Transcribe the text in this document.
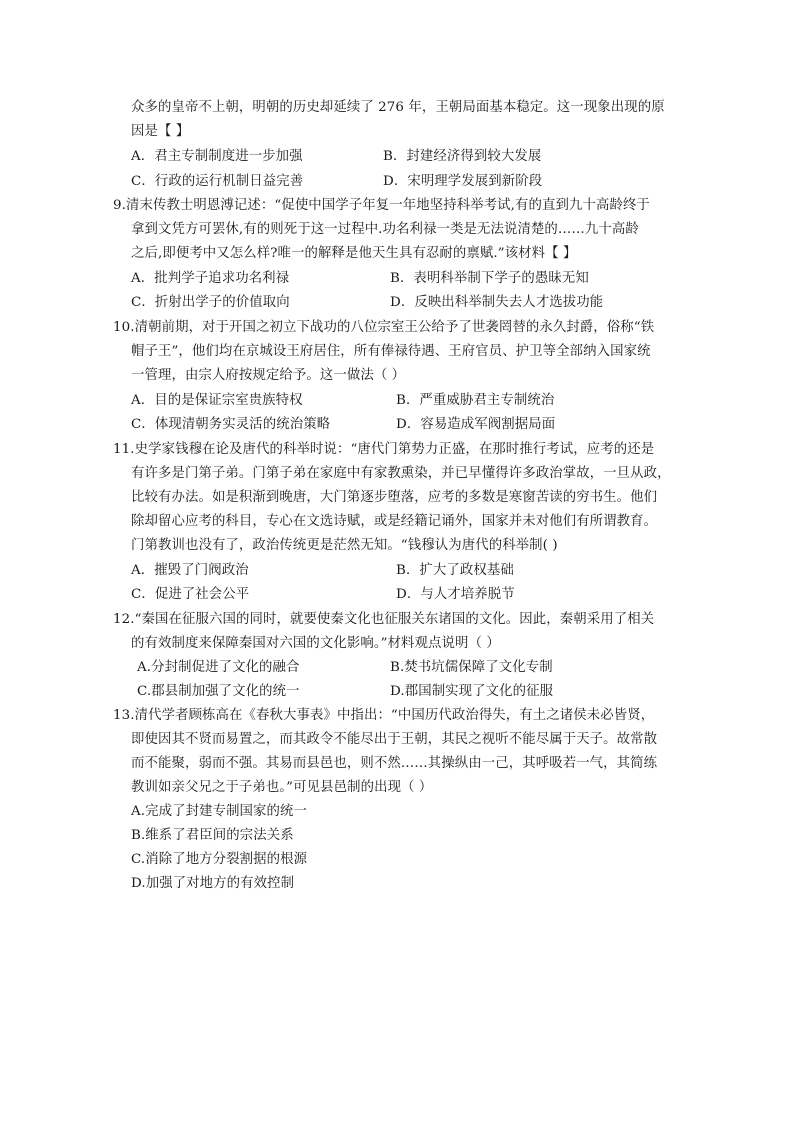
众多的皇帝不上朝，明朝的历史却延续了 276 年，王朝局面基本稳定。这一现象出现的原
因是【 】
A．君主专制制度进一步加强	B．封建经济得到较大发展
C．行政的运行机制日益完善	D．宋明理学发展到新阶段
9.清末传教士明恩溥记述：“促使中国学子年复一年地坚持科举考试,有的直到九十高龄终于
拿到文凭方可罢休,有的则死于这一过程中.功名利禄一类是无法说清楚的……九十高龄
之后,即便考中又怎么样?唯一的解释是他天生具有忍耐的禀赋.”该材料【 】
A．批判学子追求功名利禄	B．表明科举制下学子的愚昧无知
C．折射出学子的价值取向	D．反映出科举制失去人才选拔功能
10.清朝前期，对于开国之初立下战功的八位宗室王公给予了世袭罔替的永久封爵，俗称“铁
帽子王”，他们均在京城设王府居住，所有俸禄待遇、王府官员、护卫等全部纳入国家统
一管理，由宗人府按规定给予。这一做法（ ）
A．目的是保证宗室贵族特权	B．严重威胁君主专制统治
C．体现清朝务实灵活的统治策略	D．容易造成军阀割据局面
11.史学家钱穆在论及唐代的科举时说：“唐代门第势力正盛，在那时推行考试，应考的还是
有许多是门第子弟。门第子弟在家庭中有家教熏染，并已早懂得许多政治掌故，一旦从政，
比较有办法。如是积渐到晚唐，大门第逐步堕落，应考的多数是寒窗苦读的穷书生。他们
除却留心应考的科目，专心在文选诗赋，或是经籍记诵外，国家并未对他们有所谓教育。
门第教训也没有了，政治传统更是茫然无知。“钱穆认为唐代的科举制( )
A．摧毁了门阀政治	B．扩大了政权基础
C．促进了社会公平	D．与人才培养脱节
12.“秦国在征服六国的同时，就要使秦文化也征服关东诸国的文化。因此，秦朝采用了相关
的有效制度来保障秦国对六国的文化影响。”材料观点说明（ ）
A.分封制促进了文化的融合	B.焚书坑儒保障了文化专制
C.郡县制加强了文化的统一	D.郡国制实现了文化的征服
13.清代学者顾栋高在《春秋大事表》中指出：“中国历代政治得失，有土之诸侯未必皆贤，
即使因其不贤而易置之，而其政令不能尽出于王朝，其民之视听不能尽属于天子。故常散
而不能聚，弱而不强。其易而县邑也，则不然……其操纵由一己，其呼吸若一气，其简练
教训如亲父兄之于子弟也。”可见县邑制的出现（ ）
A.完成了封建专制国家的统一
B.维系了君臣间的宗法关系
C.消除了地方分裂割据的根源
D.加强了对地方的有效控制
